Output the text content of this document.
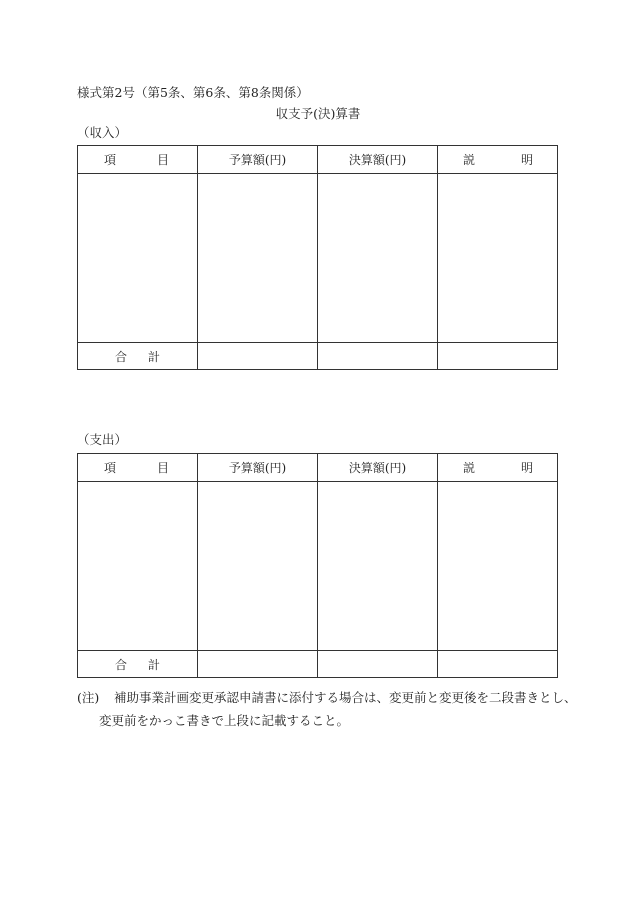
様式第2号（第5条、第6条、第8条関係）
収支予(決)算書
（収入）
項 目	予算額(円)	決算額(円)	説 明

合 計			

（支出）
項 目	予算額(円)	決算額(円)	説 明

合 計			

(注) 補助事業計画変更承認申請書に添付する場合は、変更前と変更後を二段書きとし、
変更前をかっこ書きで上段に記載すること。
